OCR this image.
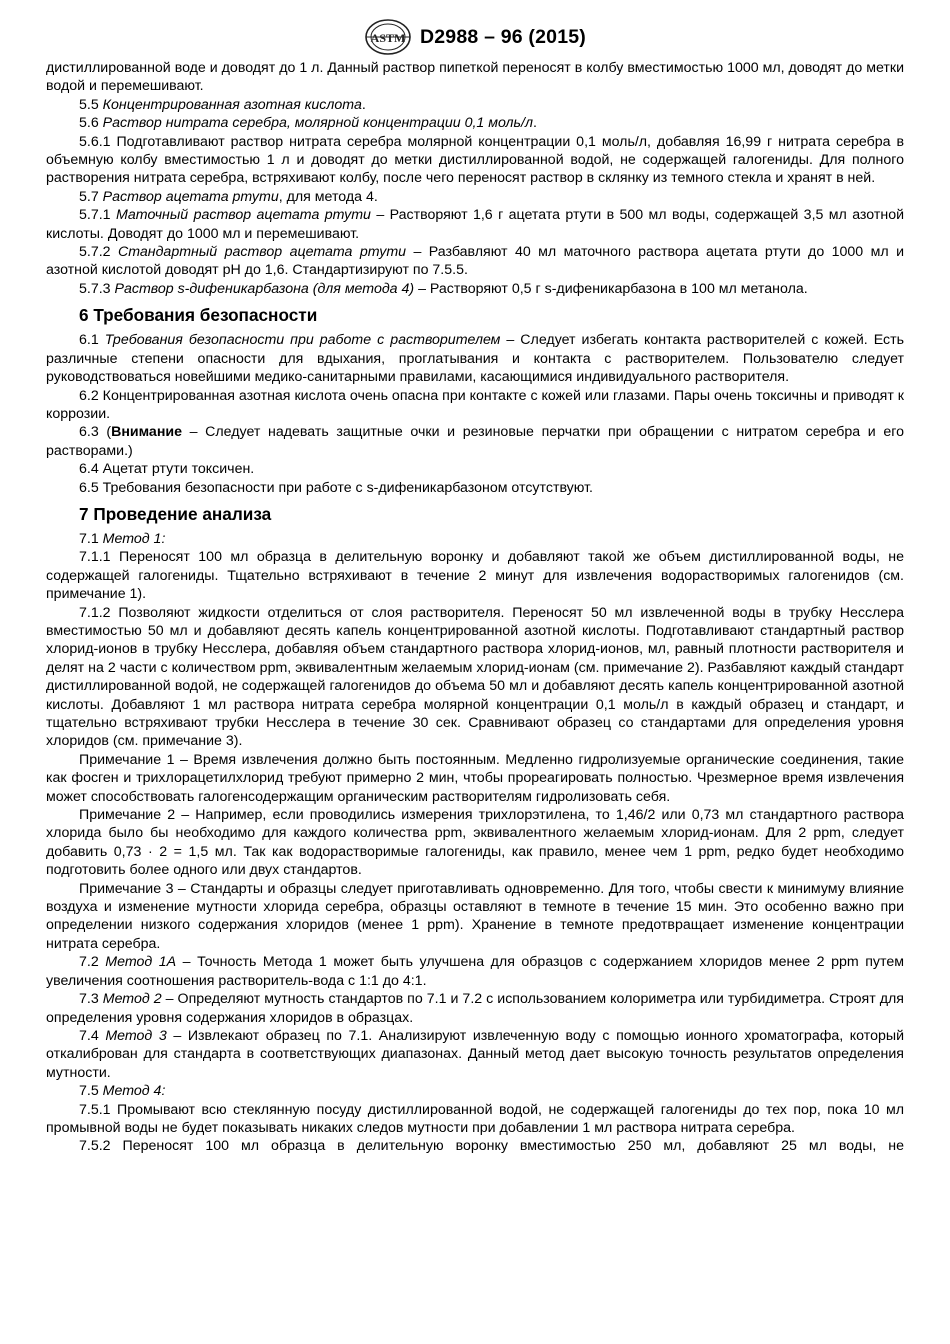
ASTM D2988 – 96 (2015)

дистиллированной воде и доводят до 1 л. Данный раствор пипеткой переносят в колбу вместимостью 1000 мл, доводят до метки водой и перемешивают.

5.5 Концентрированная азотная кислота.

5.6 Раствор нитрата серебра, молярной концентрации 0,1 моль/л.

5.6.1 Подготавливают раствор нитрата серебра молярной концентрации 0,1 моль/л, добавляя 16,99 г нитрата серебра в объемную колбу вместимостью 1 л и доводят до метки дистиллированной водой, не содержащей галогениды. Для полного растворения нитрата серебра, встряхивают колбу, после чего переносят раствор в склянку из темного стекла и хранят в ней.

5.7 Раствор ацетата ртути, для метода 4.

5.7.1 Маточный раствор ацетата ртути – Растворяют 1,6 г ацетата ртути в 500 мл воды, содержащей 3,5 мл азотной кислоты. Доводят до 1000 мл и перемешивают.

5.7.2 Стандартный раствор ацетата ртути – Разбавляют 40 мл маточного раствора ацетата ртути до 1000 мл и азотной кислотой доводят pH до 1,6. Стандартизируют по 7.5.5.

5.7.3 Раствор s-дифеникарбазона (для метода 4) – Растворяют 0,5 г s-дифеникарбазона в 100 мл метанола.

6 Требования безопасности

6.1 Требования безопасности при работе с растворителем – Следует избегать контакта растворителей с кожей. Есть различные степени опасности для вдыхания, проглатывания и контакта с растворителем. Пользователю следует руководствоваться новейшими медико-санитарными правилами, касающимися индивидуального растворителя.

6.2 Концентрированная азотная кислота очень опасна при контакте с кожей или глазами. Пары очень токсичны и приводят к коррозии.

6.3 (Внимание – Следует надевать защитные очки и резиновые перчатки при обращении с нитратом серебра и его растворами.)

6.4 Ацетат ртути токсичен.

6.5 Требования безопасности при работе с s-дифеникарбазоном отсутствуют.

7 Проведение анализа

7.1 Метод 1:

7.1.1 Переносят 100 мл образца в делительную воронку и добавляют такой же объем дистиллированной воды, не содержащей галогениды. Тщательно встряхивают в течение 2 минут для извлечения водорастворимых галогенидов (см. примечание 1).

7.1.2 Позволяют жидкости отделиться от слоя растворителя. Переносят 50 мл извлеченной воды в трубку Несслера вместимостью 50 мл и добавляют десять капель концентрированной азотной кислоты. Подготавливают стандартный раствор хлорид-ионов в трубку Несслера, добавляя объем стандартного раствора хлорид-ионов, мл, равный плотности растворителя и делят на 2 части с количеством ppm, эквивалентным желаемым хлорид-ионам (см. примечание 2). Разбавляют каждый стандарт дистиллированной водой, не содержащей галогенидов до объема 50 мл и добавляют десять капель концентрированной азотной кислоты. Добавляют 1 мл раствора нитрата серебра молярной концентрации 0,1 моль/л в каждый образец и стандарт, и тщательно встряхивают трубки Несслера в течение 30 сек. Сравнивают образец со стандартами для определения уровня хлоридов (см. примечание 3).

Примечание 1 – Время извлечения должно быть постоянным. Медленно гидролизуемые органические соединения, такие как фосген и трихлорацетилхлорид требуют примерно 2 мин, чтобы прореагировать полностью. Чрезмерное время извлечения может способствовать галогенсодержащим органическим растворителям гидролизовать себя.

Примечание 2 – Например, если проводились измерения трихлорэтилена, то 1,46/2 или 0,73 мл стандартного раствора хлорида было бы необходимо для каждого количества ppm, эквивалентного желаемым хлорид-ионам. Для 2 ppm, следует добавить 0,73 · 2 = 1,5 мл. Так как водорастворимые галогениды, как правило, менее чем 1 ppm, редко будет необходимо подготовить более одного или двух стандартов.

Примечание 3 – Стандарты и образцы следует приготавливать одновременно. Для того, чтобы свести к минимуму влияние воздуха и изменение мутности хлорида серебра, образцы оставляют в темноте в течение 15 мин. Это особенно важно при определении низкого содержания хлоридов (менее 1 ppm). Хранение в темноте предотвращает изменение концентрации нитрата серебра.

7.2 Метод 1А – Точность Метода 1 может быть улучшена для образцов с содержанием хлоридов менее 2 ppm путем увеличения соотношения растворитель-вода с 1:1 до 4:1.

7.3 Метод 2 – Определяют мутность стандартов по 7.1 и 7.2 с использованием колориметра или турбидиметра. Строят для определения уровня содержания хлоридов в образцах.

7.4 Метод 3 – Извлекают образец по 7.1. Анализируют извлеченную воду с помощью ионного хроматографа, который откалиброван для стандарта в соответствующих диапазонах. Данный метод дает высокую точность результатов определения мутности.

7.5 Метод 4:

7.5.1 Промывают всю стеклянную посуду дистиллированной водой, не содержащей галогениды до тех пор, пока 10 мл промывной воды не будет показывать никаких следов мутности при добавлении 1 мл раствора нитрата серебра.

7.5.2 Переносят 100 мл образца в делительную воронку вместимостью 250 мл, добавляют 25 мл воды, не
